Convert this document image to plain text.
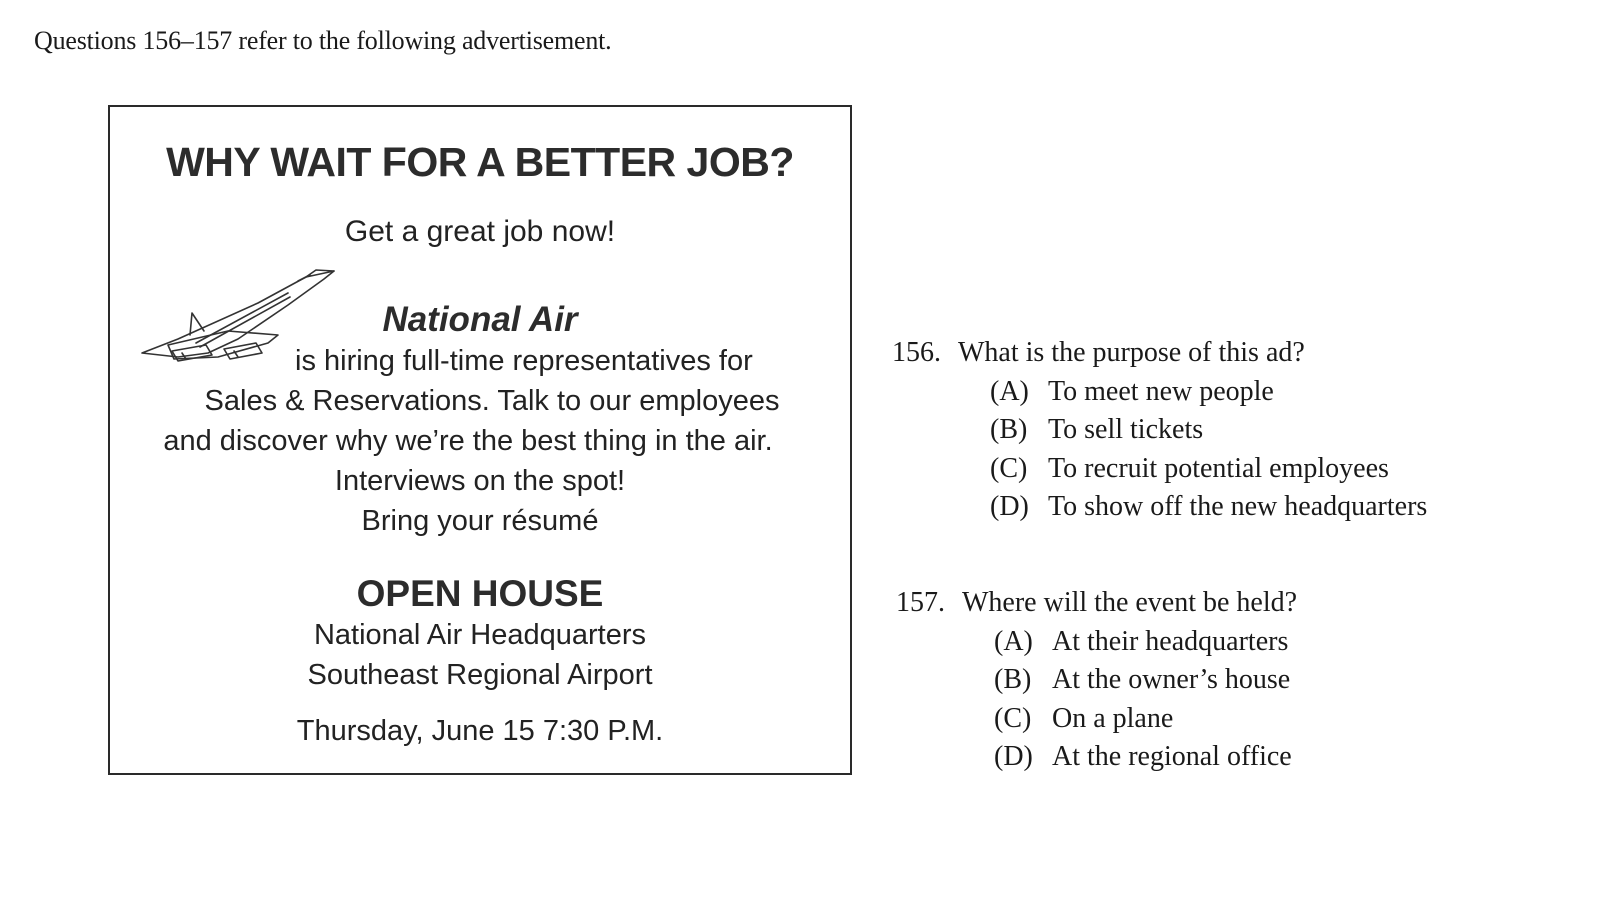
Questions 156–157 refer to the following advertisement.
WHY WAIT FOR A BETTER JOB?
Get a great job now!
National Air
is hiring full-time representatives for
Sales & Reservations. Talk to our employees
and discover why we’re the best thing in the air.
Interviews on the spot!
Bring your résumé
OPEN HOUSE
National Air Headquarters
Southeast Regional Airport
Thursday, June 15 7:30 P.M.
156. What is the purpose of this ad?
(A) To meet new people
(B) To sell tickets
(C) To recruit potential employees
(D) To show off the new headquarters
157. Where will the event be held?
(A) At their headquarters
(B) At the owner’s house
(C) On a plane
(D) At the regional office
